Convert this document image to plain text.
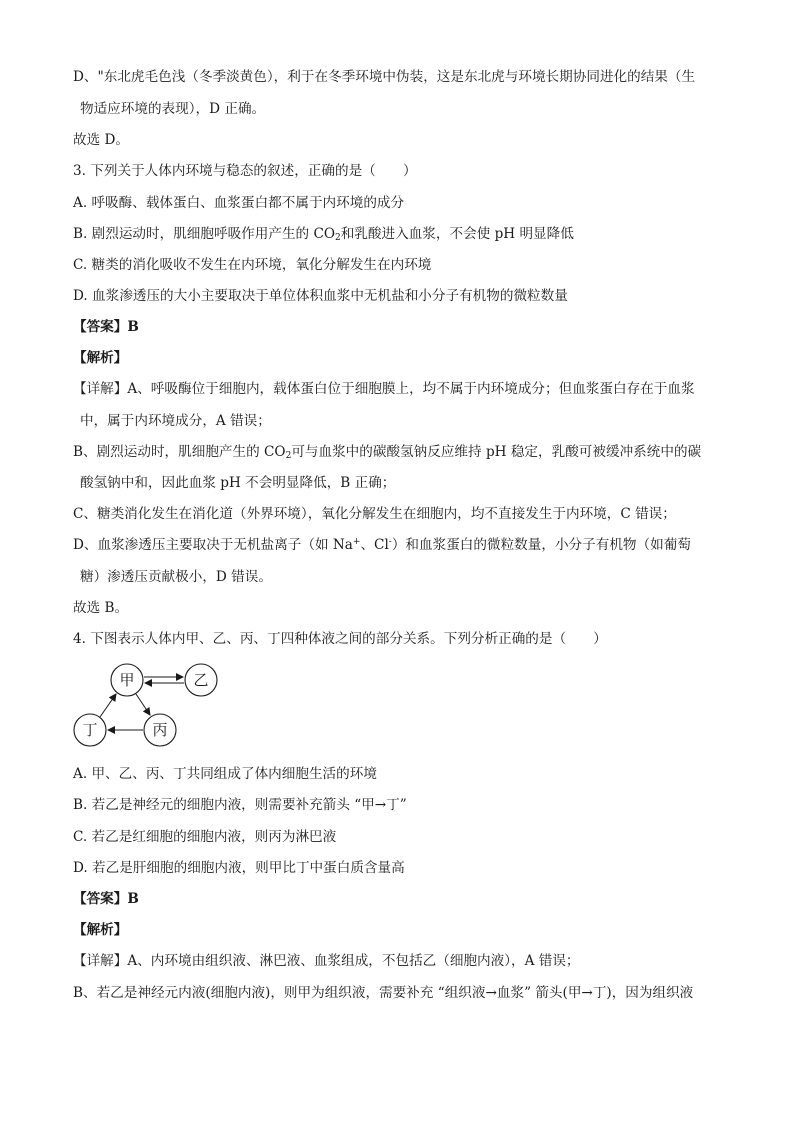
D、"东北虎毛色浅（冬季淡黄色），利于在冬季环境中伪装，这是东北虎与环境长期协同进化的结果（生
物适应环境的表现），D 正确。
故选 D。
3. 下列关于人体内环境与稳态的叙述，正确的是（　　）
A. 呼吸酶、载体蛋白、血浆蛋白都不属于内环境的成分
B. 剧烈运动时，肌细胞呼吸作用产生的 $CO_2$和乳酸进入血浆，不会使 pH 明显降低
C. 糖类的消化吸收不发生在内环境，氧化分解发生在内环境
D. 血浆渗透压的大小主要取决于单位体积血浆中无机盐和小分子有机物的微粒数量
【答案】B
【解析】
【详解】A、呼吸酶位于细胞内，载体蛋白位于细胞膜上，均不属于内环境成分；但血浆蛋白存在于血浆
中，属于内环境成分，A 错误；
B、剧烈运动时，肌细胞产生的 $CO_2$可与血浆中的碳酸氢钠反应维持 pH 稳定，乳酸可被缓冲系统中的碳
酸氢钠中和，因此血浆 pH 不会明显降低，B 正确；
C、糖类消化发生在消化道（外界环境），氧化分解发生在细胞内，均不直接发生于内环境，C 错误；
D、血浆渗透压主要取决于无机盐离子（如 Na+、Cl-）和血浆蛋白的微粒数量，小分子有机物（如葡萄
糖）渗透压贡献极小，D 错误。
故选 B。
4. 下图表示人体内甲、乙、丙、丁四种体液之间的部分关系。下列分析正确的是（　　）
甲	乙
丁	丙
A. 甲、乙、丙、丁共同组成了体内细胞生活的环境
B. 若乙是神经元的细胞内液，则需要补充箭头 “甲→丁”
C. 若乙是红细胞的细胞内液，则丙为淋巴液
D. 若乙是肝细胞的细胞内液，则甲比丁中蛋白质含量高
【答案】B
【解析】
【详解】A、内环境由组织液、淋巴液、血浆组成，不包括乙（细胞内液），A 错误；
B、若乙是神经元内液(细胞内液)，则甲为组织液，需要补充 “组织液→血浆” 箭头(甲→丁)，因为组织液
